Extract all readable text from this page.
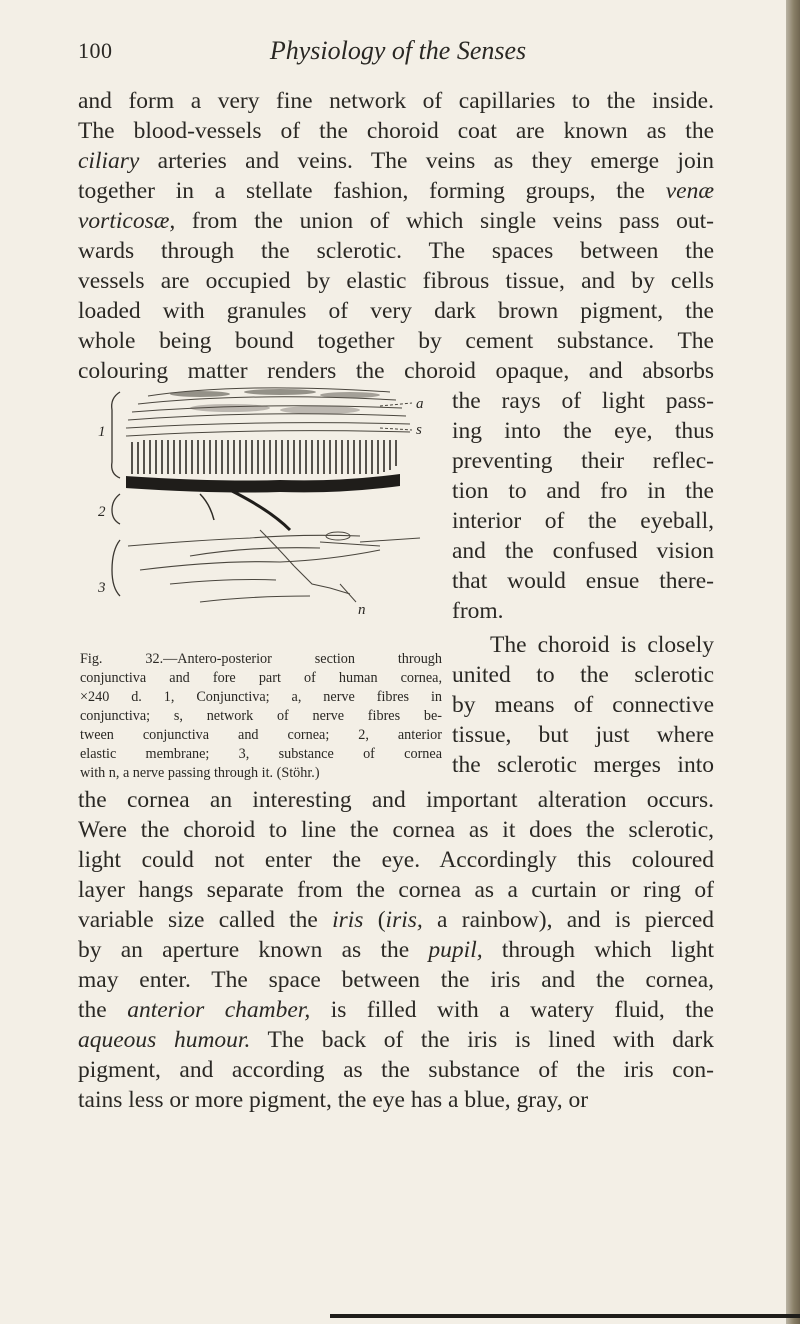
100	Physiology of the Senses
and form a very fine network of capillaries to the inside.
The blood-vessels of the choroid coat are known as the
ciliary arteries and veins. The veins as they emerge join
together in a stellate fashion, forming groups, the venæ
vorticosæ, from the union of which single veins pass out-
wards through the sclerotic. The spaces between the
vessels are occupied by elastic fibrous tissue, and by cells
loaded with granules of very dark brown pigment, the
whole being bound together by cement substance. The
colouring matter renders the choroid opaque, and absorbs
the rays of light pass-
ing into the eye, thus
preventing their reflec-
tion to and fro in the
interior of the eyeball,
and the confused vision
that would ensue there-
from.
The choroid is closely
united to the sclerotic
by means of connective
tissue, but just where
the sclerotic merges into
the cornea an interesting and important alteration occurs.
Were the choroid to line the cornea as it does the sclerotic,
light could not enter the eye. Accordingly this coloured
layer hangs separate from the cornea as a curtain or ring of
variable size called the iris (iris, a rainbow), and is pierced
by an aperture known as the pupil, through which light
may enter. The space between the iris and the cornea,
the anterior chamber, is filled with a watery fluid, the
aqueous humour. The back of the iris is lined with dark
pigment, and according as the substance of the iris con-
tains less or more pigment, the eye has a blue, gray, or
1
2
3
a
s
n
Fig. 32.—Antero-posterior section through
conjunctiva and fore part of human cornea,
×240 d. 1, Conjunctiva; a, nerve fibres in
conjunctiva; s, network of nerve fibres be-
tween conjunctiva and cornea; 2, anterior
elastic membrane; 3, substance of cornea
with n, a nerve passing through it. (Stöhr.)
